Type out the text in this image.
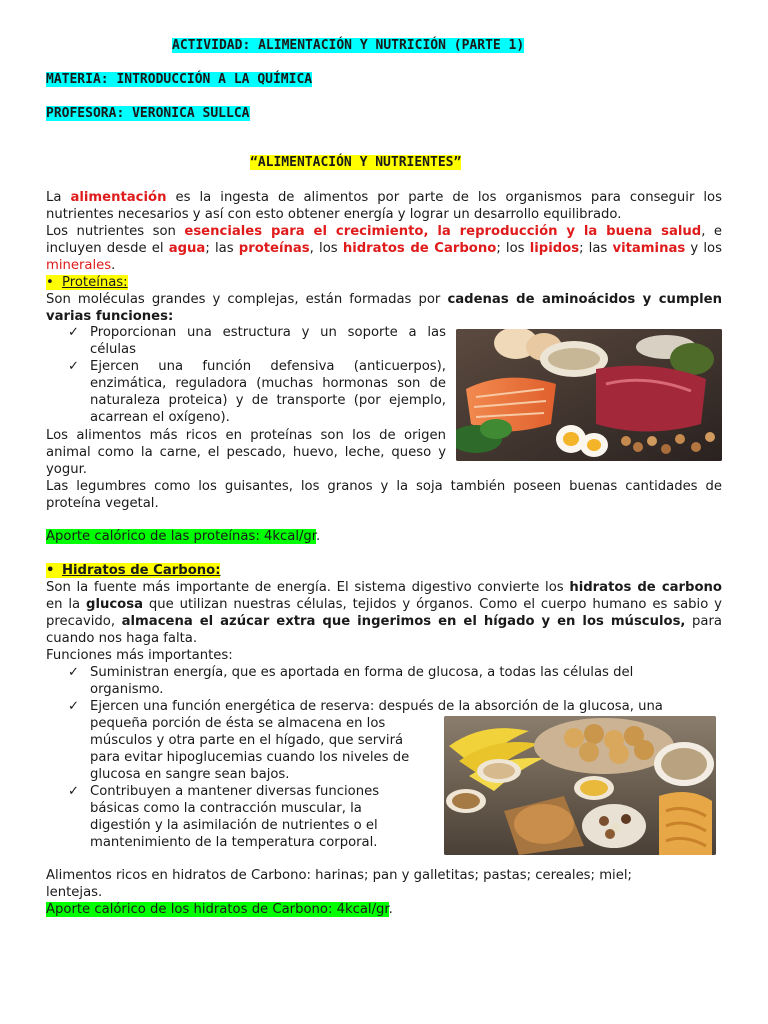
ACTIVIDAD: ALIMENTACIÓN Y NUTRICIÓN (PARTE 1)
MATERIA: INTRODUCCIÓN A LA QUÍMICA
PROFESORA: VERONICA SULLCA
“ALIMENTACIÓN Y NUTRIENTES”
La alimentación es la ingesta de alimentos por parte de los organismos para conseguir los
nutrientes necesarios y así con esto obtener energía y lograr un desarrollo equilibrado.
Los nutrientes son esenciales para el crecimiento, la reproducción y la buena salud, e
incluyen desde el agua; las proteínas, los hidratos de Carbono; los lipidos; las vitaminas y los
minerales.
• Proteínas:
Son moléculas grandes y complejas, están formadas por cadenas de aminoácidos y cumplen
varias funciones:
✓ Proporcionan una estructura y un soporte a las
células
✓ Ejercen una función defensiva (anticuerpos),
enzimática, reguladora (muchas hormonas son de
naturaleza proteica) y de transporte (por ejemplo,
acarrean el oxígeno).
Los alimentos más ricos en proteínas son los de origen
animal como la carne, el pescado, huevo, leche, queso y
yogur.
Las legumbres como los guisantes, los granos y la soja también poseen buenas cantidades de
proteína vegetal.
Aporte calórico de las proteínas: 4kcal/gr.
• Hidratos de Carbono:
Son la fuente más importante de energía. El sistema digestivo convierte los hidratos de carbono
en la glucosa que utilizan nuestras células, tejidos y órganos. Como el cuerpo humano es sabio y
precavido, almacena el azúcar extra que ingerimos en el hígado y en los músculos, para
cuando nos haga falta.
Funciones más importantes:
✓ Suministran energía, que es aportada en forma de glucosa, a todas las células del
organismo.
✓ Ejercen una función energética de reserva: después de la absorción de la glucosa, una
pequeña porción de ésta se almacena en los
músculos y otra parte en el hígado, que servirá
para evitar hipoglucemias cuando los niveles de
glucosa en sangre sean bajos.
✓ Contribuyen a mantener diversas funciones
básicas como la contracción muscular, la
digestión y la asimilación de nutrientes o el
mantenimiento de la temperatura corporal.
Alimentos ricos en hidratos de Carbono: harinas; pan y galletitas; pastas; cereales; miel;
lentejas.
Aporte calórico de los hidratos de Carbono: 4kcal/gr.
